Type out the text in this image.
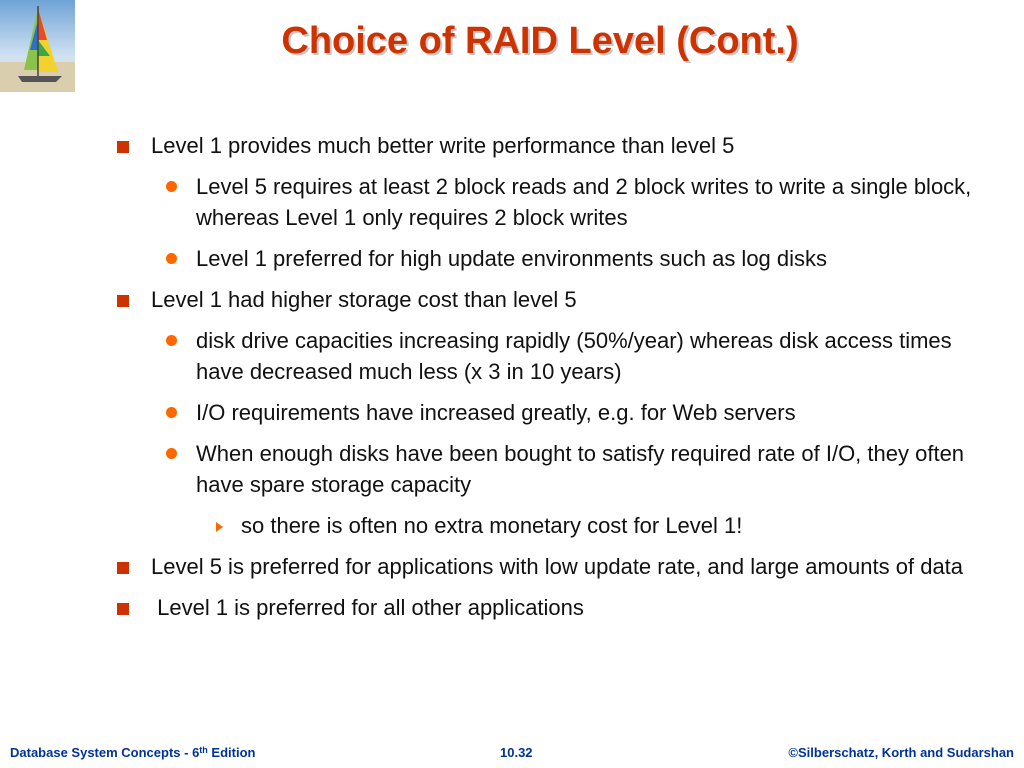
Choice of RAID Level (Cont.)
Level 1 provides much better write performance than level 5
Level 5 requires at least 2 block reads and 2 block writes to write a single block, whereas Level 1 only requires 2 block writes
Level 1 preferred for high update environments such as log disks
Level 1 had higher storage cost than level 5
disk drive capacities increasing rapidly (50%/year) whereas disk access times have decreased much less (x 3 in 10 years)
I/O requirements have increased greatly, e.g. for Web servers
When enough disks have been bought to satisfy required rate of I/O, they often have spare storage capacity
so there is often no extra monetary cost for Level 1!
Level 5 is preferred for applications with low update rate, and large amounts of data
Level 1 is preferred for all other applications
Database System Concepts - 6th Edition	10.32	©Silberschatz, Korth and Sudarshan
